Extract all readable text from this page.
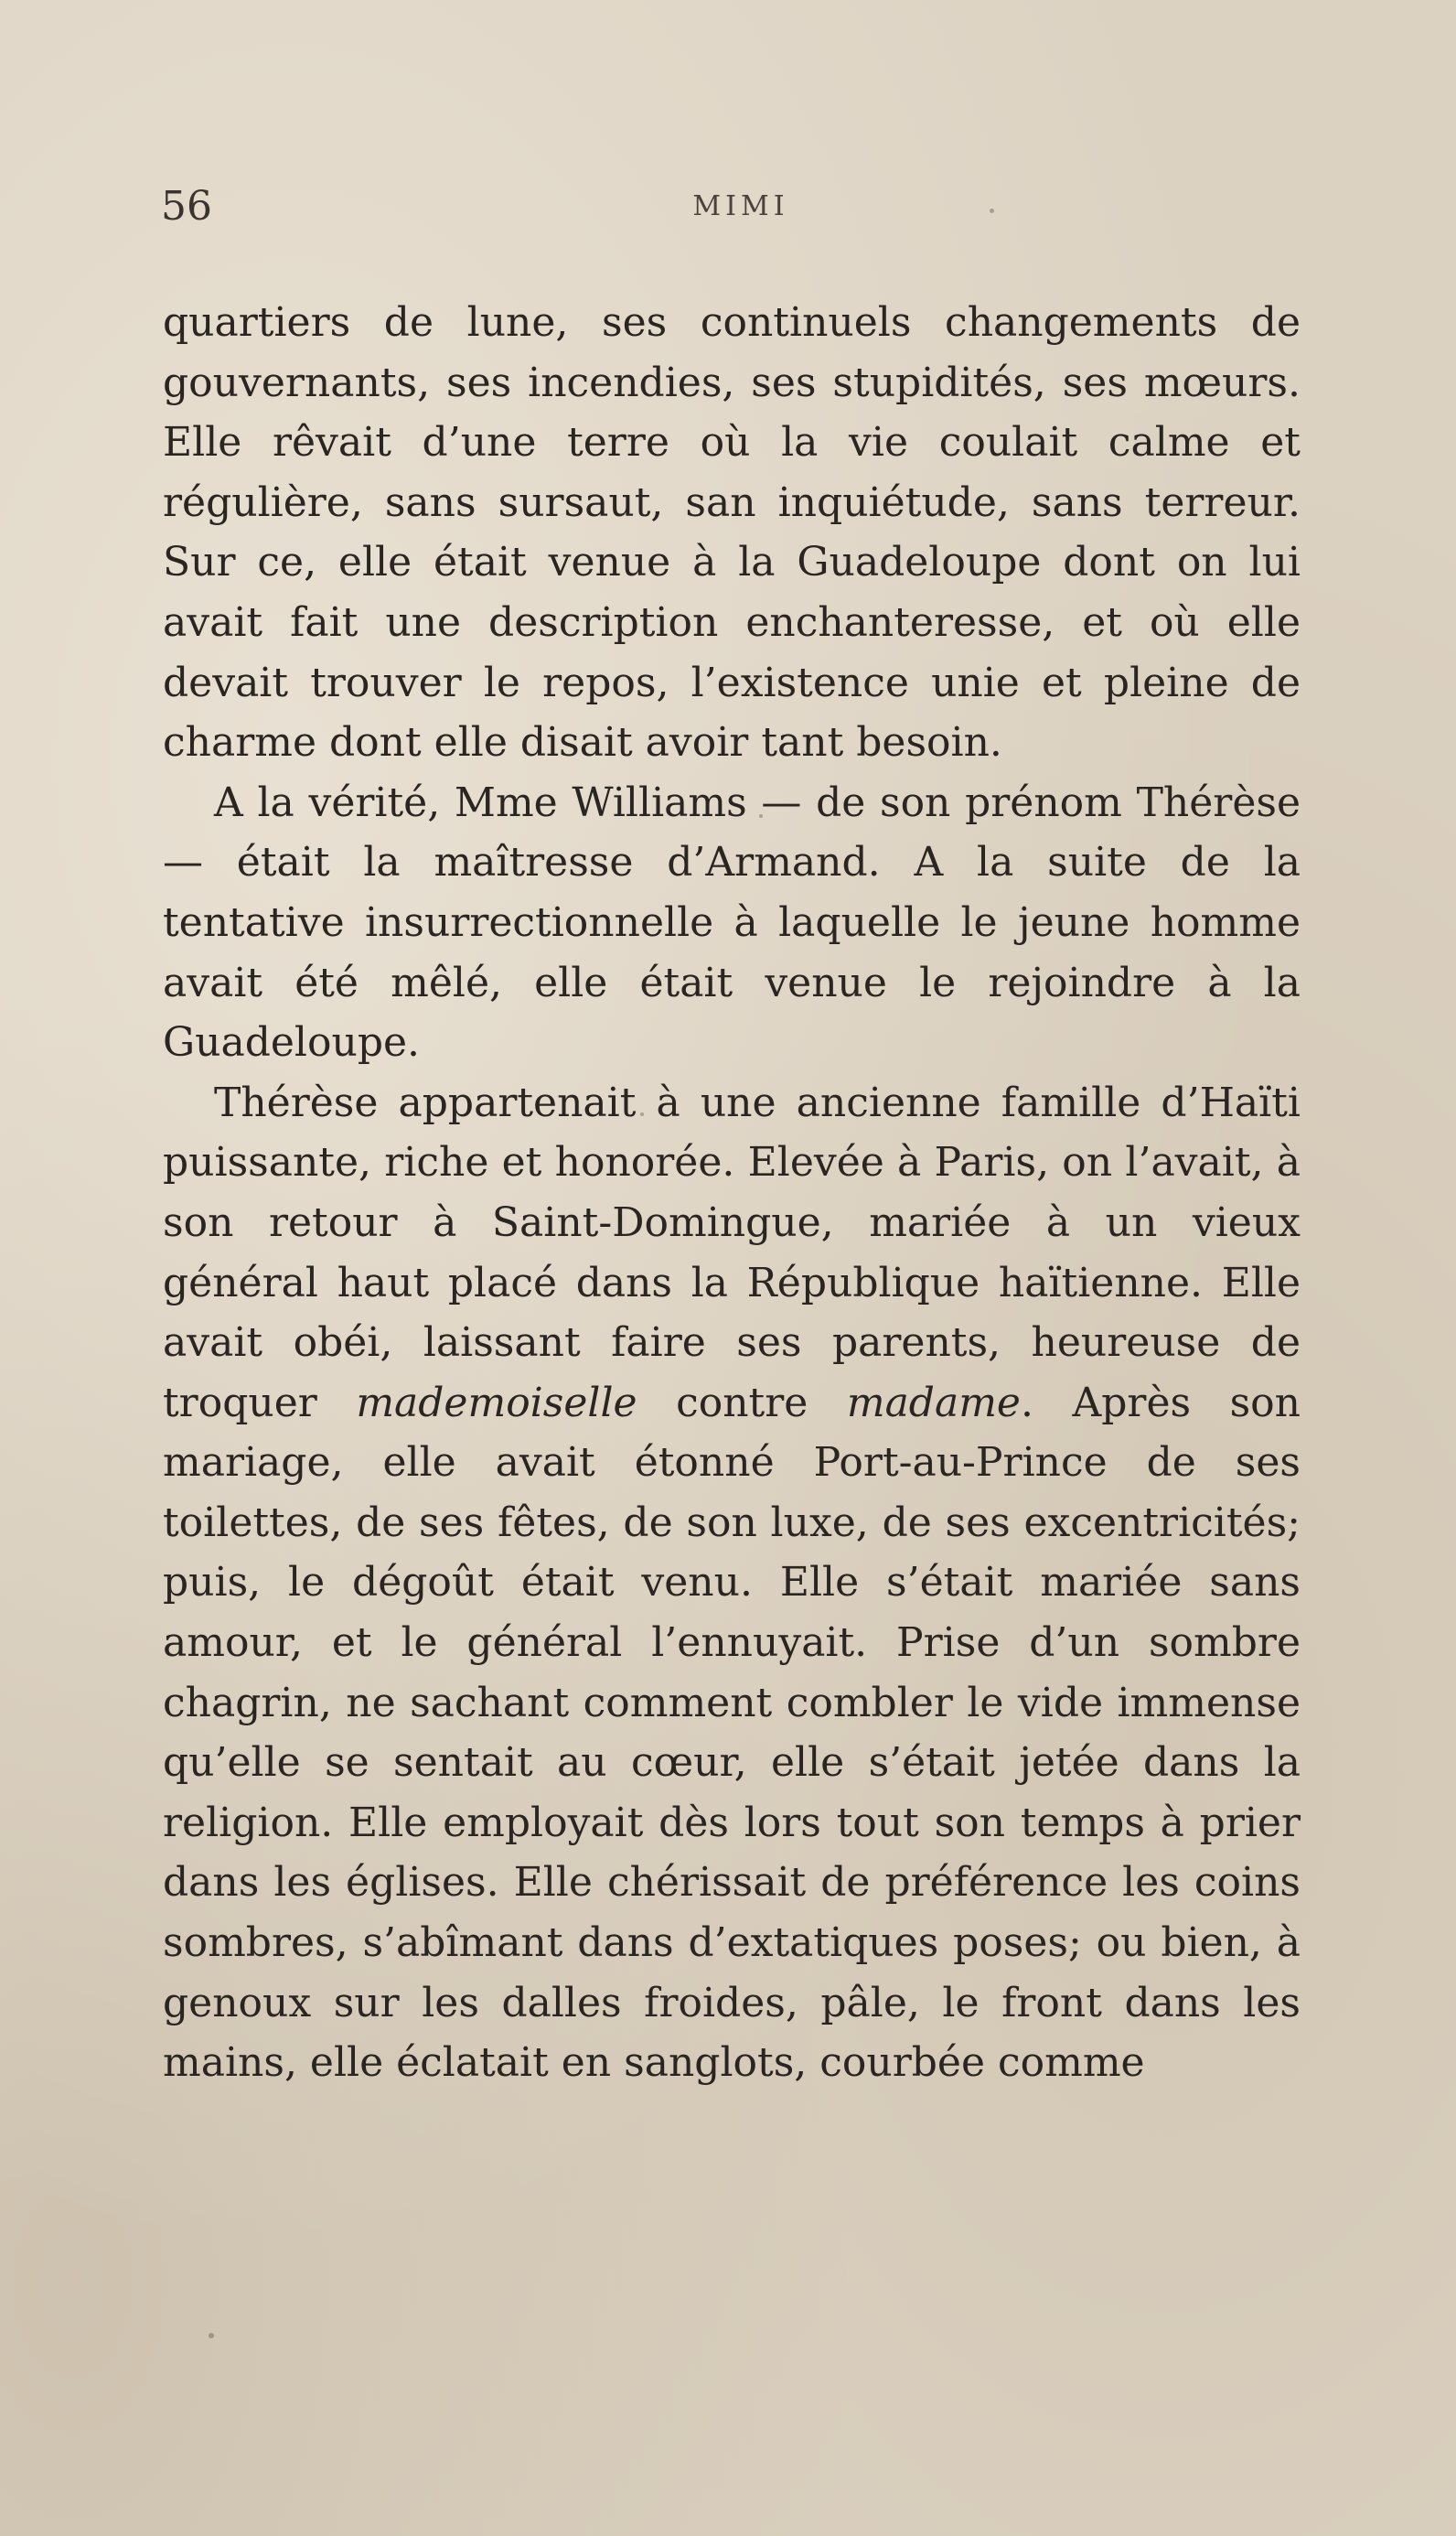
56	MIMI

quartiers de lune, ses continuels changements de gouvernants, ses incendies, ses stupidités, ses mœurs. Elle rêvait d’une terre où la vie coulait calme et régulière, sans sursaut, san inquiétude, sans terreur. Sur ce, elle était venue à la Guadeloupe dont on lui avait fait une description enchanteresse, et où elle devait trouver le repos, l’existence unie et pleine de charme dont elle disait avoir tant besoin.

A la vérité, Mme Williams — de son prénom Thérèse — était la maîtresse d’Armand. A la suite de la tentative insurrectionnelle à laquelle le jeune homme avait été mêlé, elle était venue le rejoindre à la Guadeloupe.

Thérèse appartenait à une ancienne famille d’Haïti puissante, riche et honorée. Elevée à Paris, on l’avait, à son retour à Saint-Domingue, mariée à un vieux général haut placé dans la République haïtienne. Elle avait obéi, laissant faire ses parents, heureuse de troquer mademoiselle contre madame. Après son mariage, elle avait étonné Port-au-Prince de ses toilettes, de ses fêtes, de son luxe, de ses excentricités; puis, le dégoût était venu. Elle s’était mariée sans amour, et le général l’ennuyait. Prise d’un sombre chagrin, ne sachant comment combler le vide immense qu’elle se sentait au cœur, elle s’était jetée dans la religion. Elle employait dès lors tout son temps à prier dans les églises. Elle chérissait de préférence les coins sombres, s’abîmant dans d’extatiques poses; ou bien, à genoux sur les dalles froides, pâle, le front dans les mains, elle éclatait en sanglots, courbée comme
